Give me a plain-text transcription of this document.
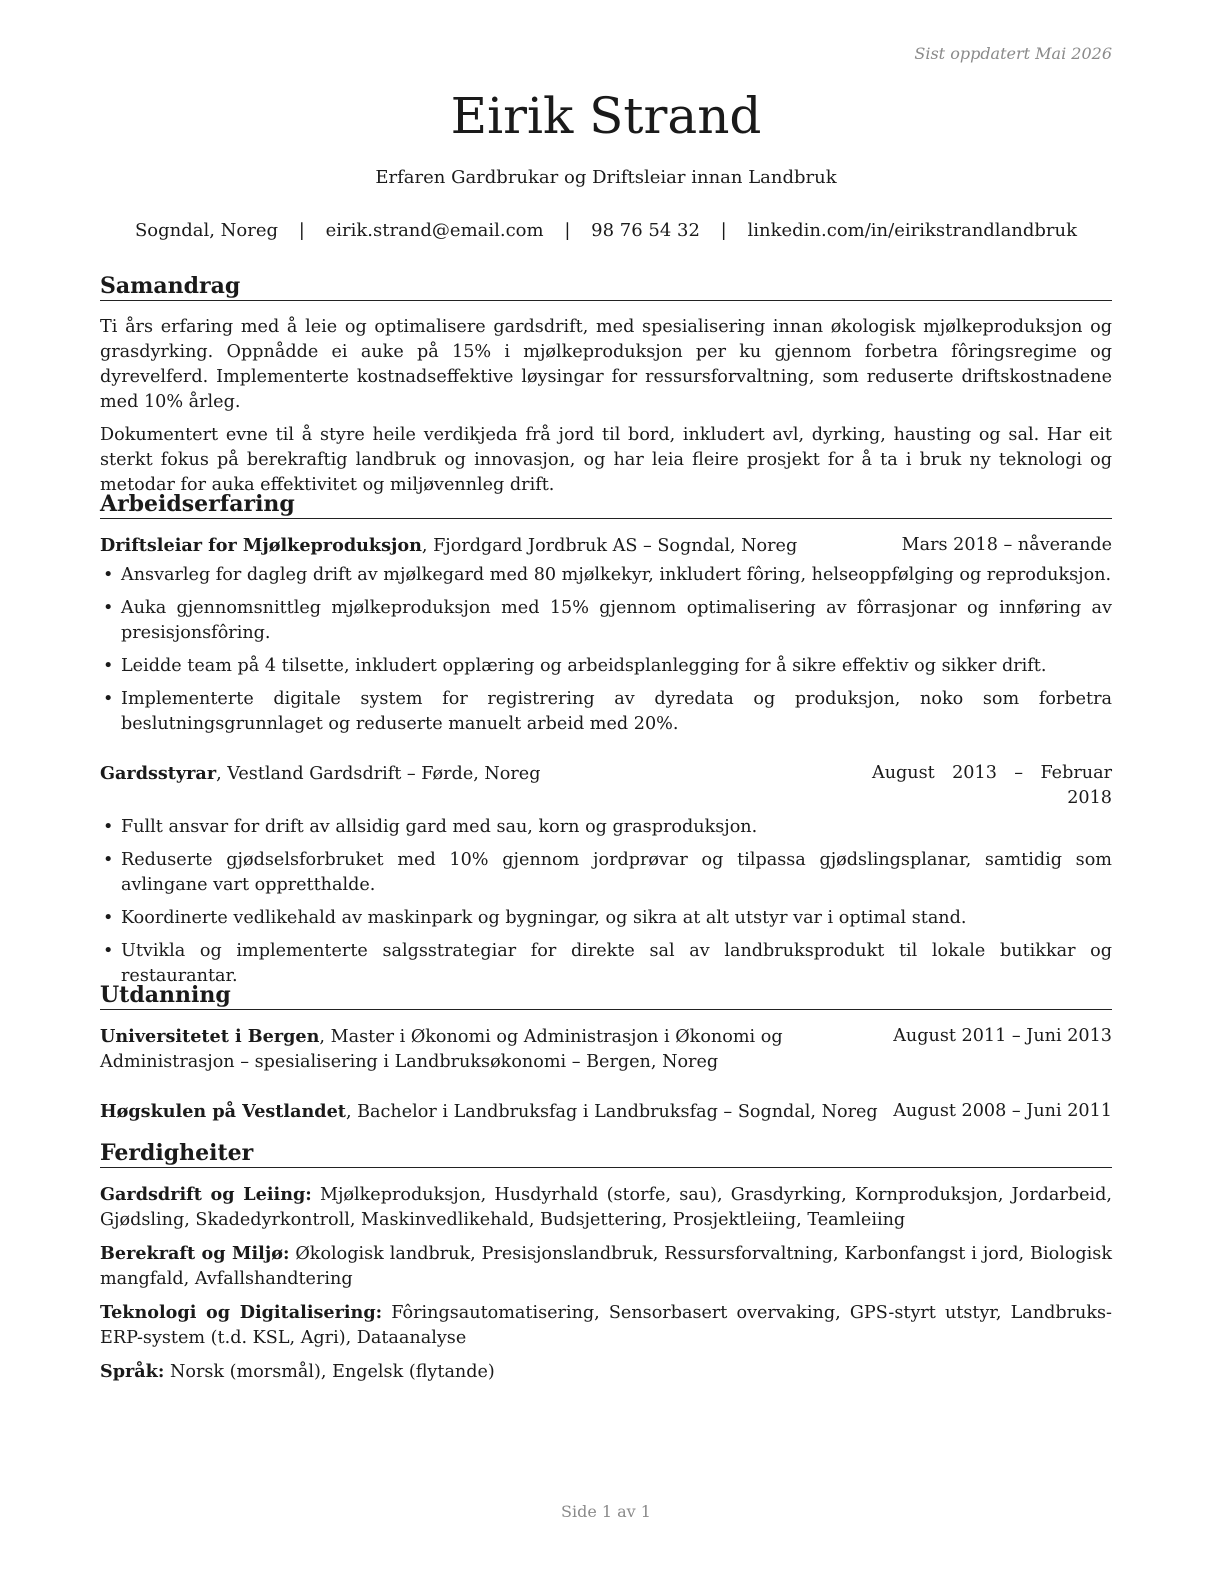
Sist oppdatert Mai 2026
Eirik Strand
Erfaren Gardbrukar og Driftsleiar innan Landbruk
Sogndal, Noreg | eirik.strand@email.com | 98 76 54 32 | linkedin.com/in/eirikstrandlandbruk
Samandrag

Ti års erfaring med å leie og optimalisere gardsdrift, med spesialisering innan økologisk mjølkeproduksjon og grasdyrking. Oppnådde ei auke på 15% i mjølkeproduksjon per ku gjennom forbetra fôringsregime og dyrevelferd. Implementerte kostnadseffektive løysingar for ressursforvaltning, som reduserte driftskostnadene med 10% årleg.

Dokumentert evne til å styre heile verdikjeda frå jord til bord, inkludert avl, dyrking, hausting og sal. Har eit sterkt fokus på berekraftig landbruk og innovasjon, og har leia fleire prosjekt for å ta i bruk ny teknologi og metodar for auka effektivitet og miljøvennleg drift.

Arbeidserfaring
Driftsleiar for Mjølkeproduksjon, Fjordgard Jordbruk AS – Sogndal, Noreg	Mars 2018 – nåverande
• Ansvarleg for dagleg drift av mjølkegard med 80 mjølkekyr, inkludert fôring, helseoppfølging og reproduksjon.
• Auka gjennomsnittleg mjølkeproduksjon med 15% gjennom optimalisering av fôrrasjonar og innføring av presisjonsfôring.
• Leidde team på 4 tilsette, inkludert opplæring og arbeidsplanlegging for å sikre effektiv og sikker drift.
• Implementerte digitale system for registrering av dyredata og produksjon, noko som forbetra beslutningsgrunnlaget og reduserte manuelt arbeid med 20%.
Gardsstyrar, Vestland Gardsdrift – Førde, Noreg	August 2013 – Februar 2018
• Fullt ansvar for drift av allsidig gard med sau, korn og grasproduksjon.
• Reduserte gjødselsforbruket med 10% gjennom jordprøvar og tilpassa gjødslingsplanar, samtidig som avlingane vart oppretthalde.
• Koordinerte vedlikehald av maskinpark og bygningar, og sikra at alt utstyr var i optimal stand.
• Utvikla og implementerte salgsstrategiar for direkte sal av landbruksprodukt til lokale butikkar og restaurantar.
Utdanning
Universitetet i Bergen, Master i Økonomi og Administrasjon i Økonomi og Administrasjon – spesialisering i Landbruksøkonomi – Bergen, Noreg
August 2011 – Juni 2013
Høgskulen på Vestlandet, Bachelor i Landbruksfag i Landbruksfag – Sogndal, Noreg August 2008 – Juni 2011
Ferdigheiter

Gardsdrift og Leiing: Mjølkeproduksjon, Husdyrhald (storfe, sau), Grasdyrking, Kornproduksjon, Jordarbeid, Gjødsling, Skadedyrkontroll, Maskinvedlikehald, Budsjettering, Prosjektleiing, Teamleiing

Berekraft og Miljø: Økologisk landbruk, Presisjonslandbruk, Ressursforvaltning, Karbonfangst i jord, Biologisk mangfald, Avfallshandtering

Teknologi og Digitalisering: Fôringsautomatisering, Sensorbasert overvaking, GPS-styrt utstyr, Landbruks-ERP-system (t.d. KSL, Agri), Dataanalyse

Språk: Norsk (morsmål), Engelsk (flytande)

Side 1 av 1
